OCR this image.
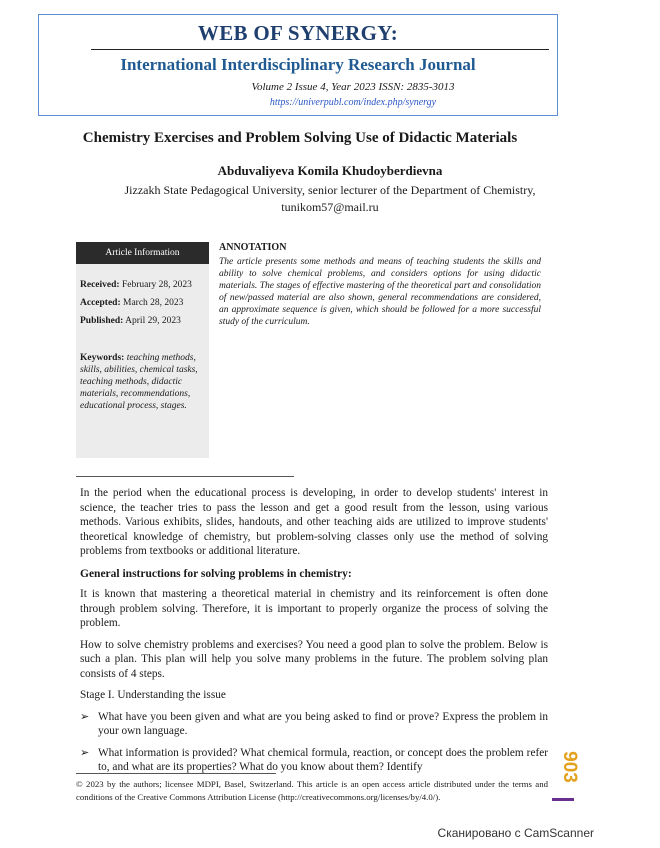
WEB OF SYNERGY:
International Interdisciplinary Research Journal
Volume 2 Issue 4, Year 2023 ISSN: 2835-3013
https://univerpubl.com/index.php/synergy
Chemistry Exercises and Problem Solving Use of Didactic Materials
Abduvaliyeva Komila Khudoyberdievna
Jizzakh State Pedagogical University, senior lecturer of the Department of Chemistry,
tunikom57@mail.ru
Article Information
Received: February 28, 2023
Accepted: March 28, 2023
Published: April 29, 2023
Keywords: teaching methods, skills, abilities, chemical tasks, teaching methods, didactic materials, recommendations, educational process, stages.
ANNOTATION
The article presents some methods and means of teaching students the skills and ability to solve chemical problems, and considers options for using didactic materials. The stages of effective mastering of the theoretical part and consolidation of new/passed material are also shown, general recommendations are considered, an approximate sequence is given, which should be followed for a more successful study of the curriculum.

In the period when the educational process is developing, in order to develop students' interest in science, the teacher tries to pass the lesson and get a good result from the lesson, using various methods. Various exhibits, slides, handouts, and other teaching aids are utilized to improve students' theoretical knowledge of chemistry, but problem-solving classes only use the method of solving problems from textbooks or additional literature.

General instructions for solving problems in chemistry:

It is known that mastering a theoretical material in chemistry and its reinforcement is often done through problem solving. Therefore, it is important to properly organize the process of solving the problem.

How to solve chemistry problems and exercises? You need a good plan to solve the problem. Below is such a plan. This plan will help you solve many problems in the future. The problem solving plan consists of 4 steps.

Stage I. Understanding the issue

➢ What have you been given and what are you being asked to find or prove? Express the problem in your own language.
➢ What information is provided? What chemical formula, reaction, or concept does the problem refer to, and what are its properties? What do you know about them? Identify
© 2023 by the authors; licensee MDPI, Basel, Switzerland. This article is an open access article distributed under the terms and conditions of the Creative Commons Attribution License (http://creativecommons.org/licenses/by/4.0/).
903
Сканировано с CamScanner
